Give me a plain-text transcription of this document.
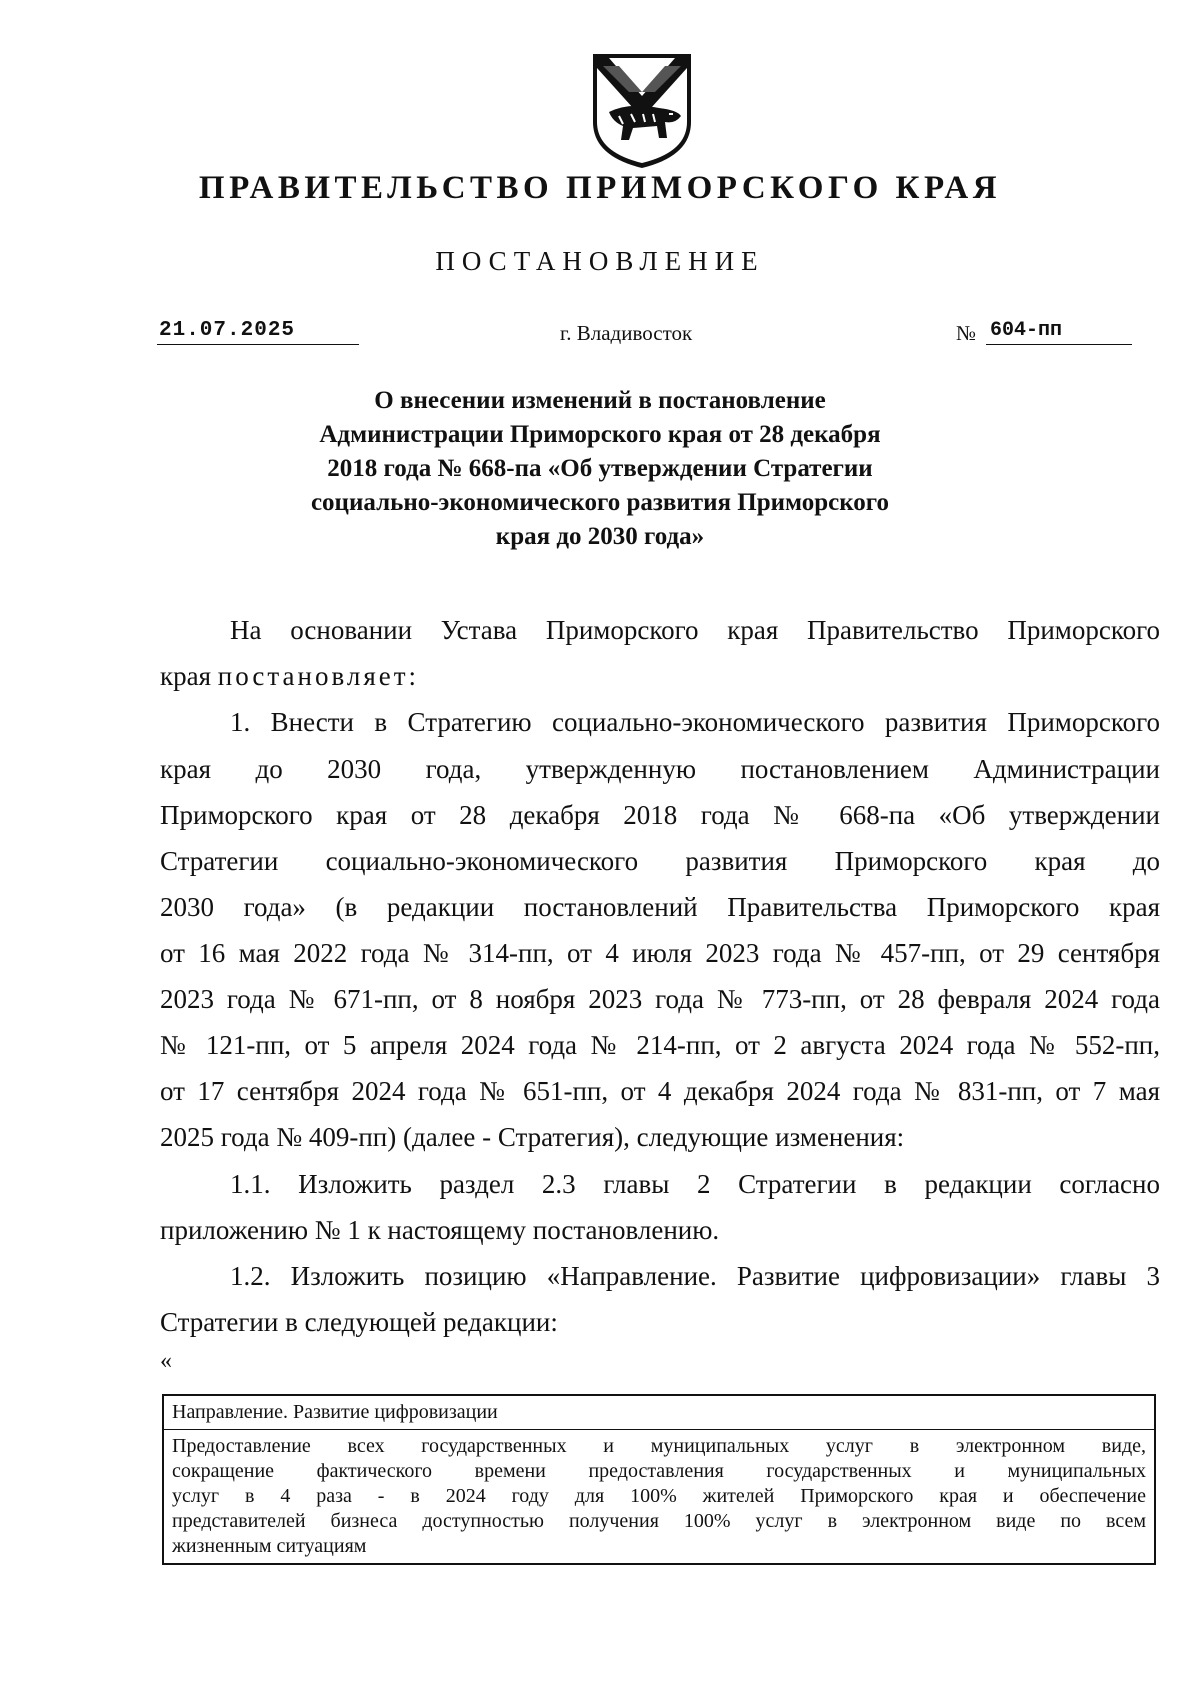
ПРАВИТЕЛЬСТВО ПРИМОРСКОГО КРАЯ
ПОСТАНОВЛЕНИЕ
21.07.2025	г. Владивосток	№ 604-пп
О внесении изменений в постановление
Администрации Приморского края от 28 декабря
2018 года № 668-па «Об утверждении Стратегии
социально-экономического развития Приморского
края до 2030 года»
На основании Устава Приморского края Правительство Приморского
края постановляет:
1. Внести в Стратегию социально-экономического развития Приморского
края до 2030 года, утвержденную постановлением Администрации
Приморского края от 28 декабря 2018 года № 668-па «Об утверждении
Стратегии социально-экономического развития Приморского края до
2030 года» (в редакции постановлений Правительства Приморского края
от 16 мая 2022 года № 314-пп, от 4 июля 2023 года № 457-пп, от 29 сентября
2023 года № 671-пп, от 8 ноября 2023 года № 773-пп, от 28 февраля 2024 года
№ 121-пп, от 5 апреля 2024 года № 214-пп, от 2 августа 2024 года № 552-пп,
от 17 сентября 2024 года № 651-пп, от 4 декабря 2024 года № 831-пп, от 7 мая
2025 года № 409-пп) (далее - Стратегия), следующие изменения:
1.1. Изложить раздел 2.3 главы 2 Стратегии в редакции согласно
приложению № 1 к настоящему постановлению.
1.2. Изложить позицию «Направление. Развитие цифровизации» главы 3
Стратегии в следующей редакции:
«
Направление. Развитие цифровизации
Предоставление всех государственных и муниципальных услуг в электронном виде,
сокращение фактического времени предоставления государственных и муниципальных
услуг в 4 раза - в 2024 году для 100% жителей Приморского края и обеспечение
представителей бизнеса доступностью получения 100% услуг в электронном виде по всем
жизненным ситуациям
